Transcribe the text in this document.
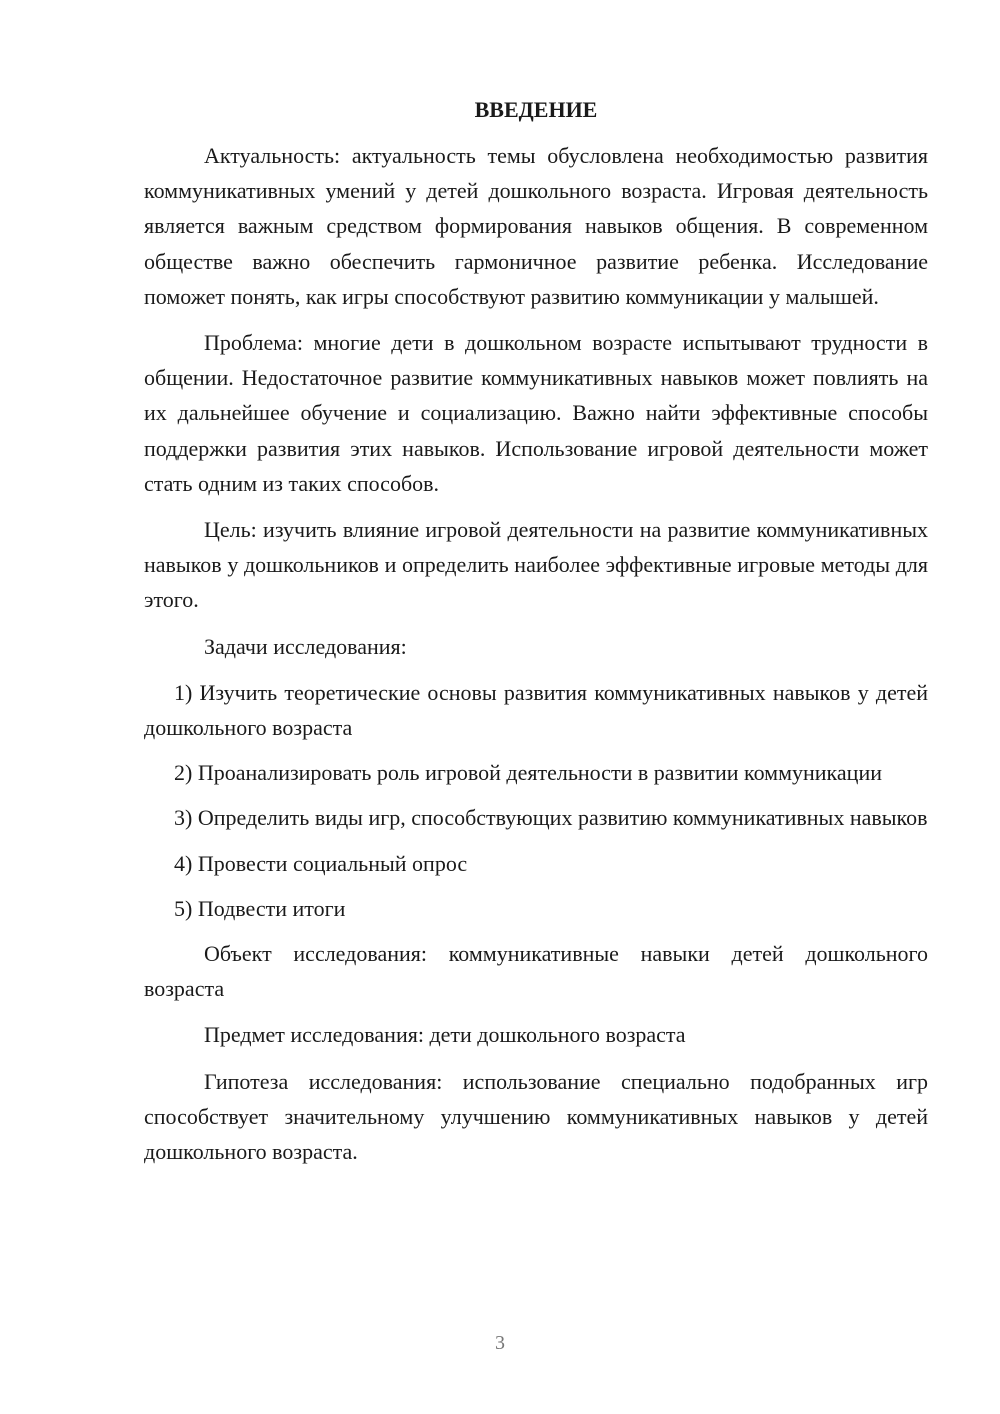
ВВЕДЕНИЕ

Актуальность: актуальность темы обусловлена необходимостью развития коммуникативных умений у детей дошкольного возраста. Игровая деятельность является важным средством формирования навыков общения. В современном обществе важно обеспечить гармоничное развитие ребенка. Исследование поможет понять, как игры способствуют развитию коммуникации у малышей.

Проблема: многие дети в дошкольном возрасте испытывают трудности в общении. Недостаточное развитие коммуникативных навыков может повлиять на их дальнейшее обучение и социализацию. Важно найти эффективные способы поддержки развития этих навыков. Использование игровой деятельности может стать одним из таких способов.

Цель: изучить влияние игровой деятельности на развитие коммуникативных навыков у дошкольников и определить наиболее эффективные игровые методы для этого.

Задачи исследования:

1) Изучить теоретические основы развития коммуникативных навыков у детей дошкольного возраста

2) Проанализировать роль игровой деятельности в развитии коммуникации

3) Определить виды игр, способствующих развитию коммуникативных навыков

4) Провести социальный опрос

5) Подвести итоги

Объект исследования: коммуникативные навыки детей дошкольного возраста

Предмет исследования: дети дошкольного возраста

Гипотеза исследования: использование специально подобранных игр способствует значительному улучшению коммуникативных навыков у детей дошкольного возраста.

3
